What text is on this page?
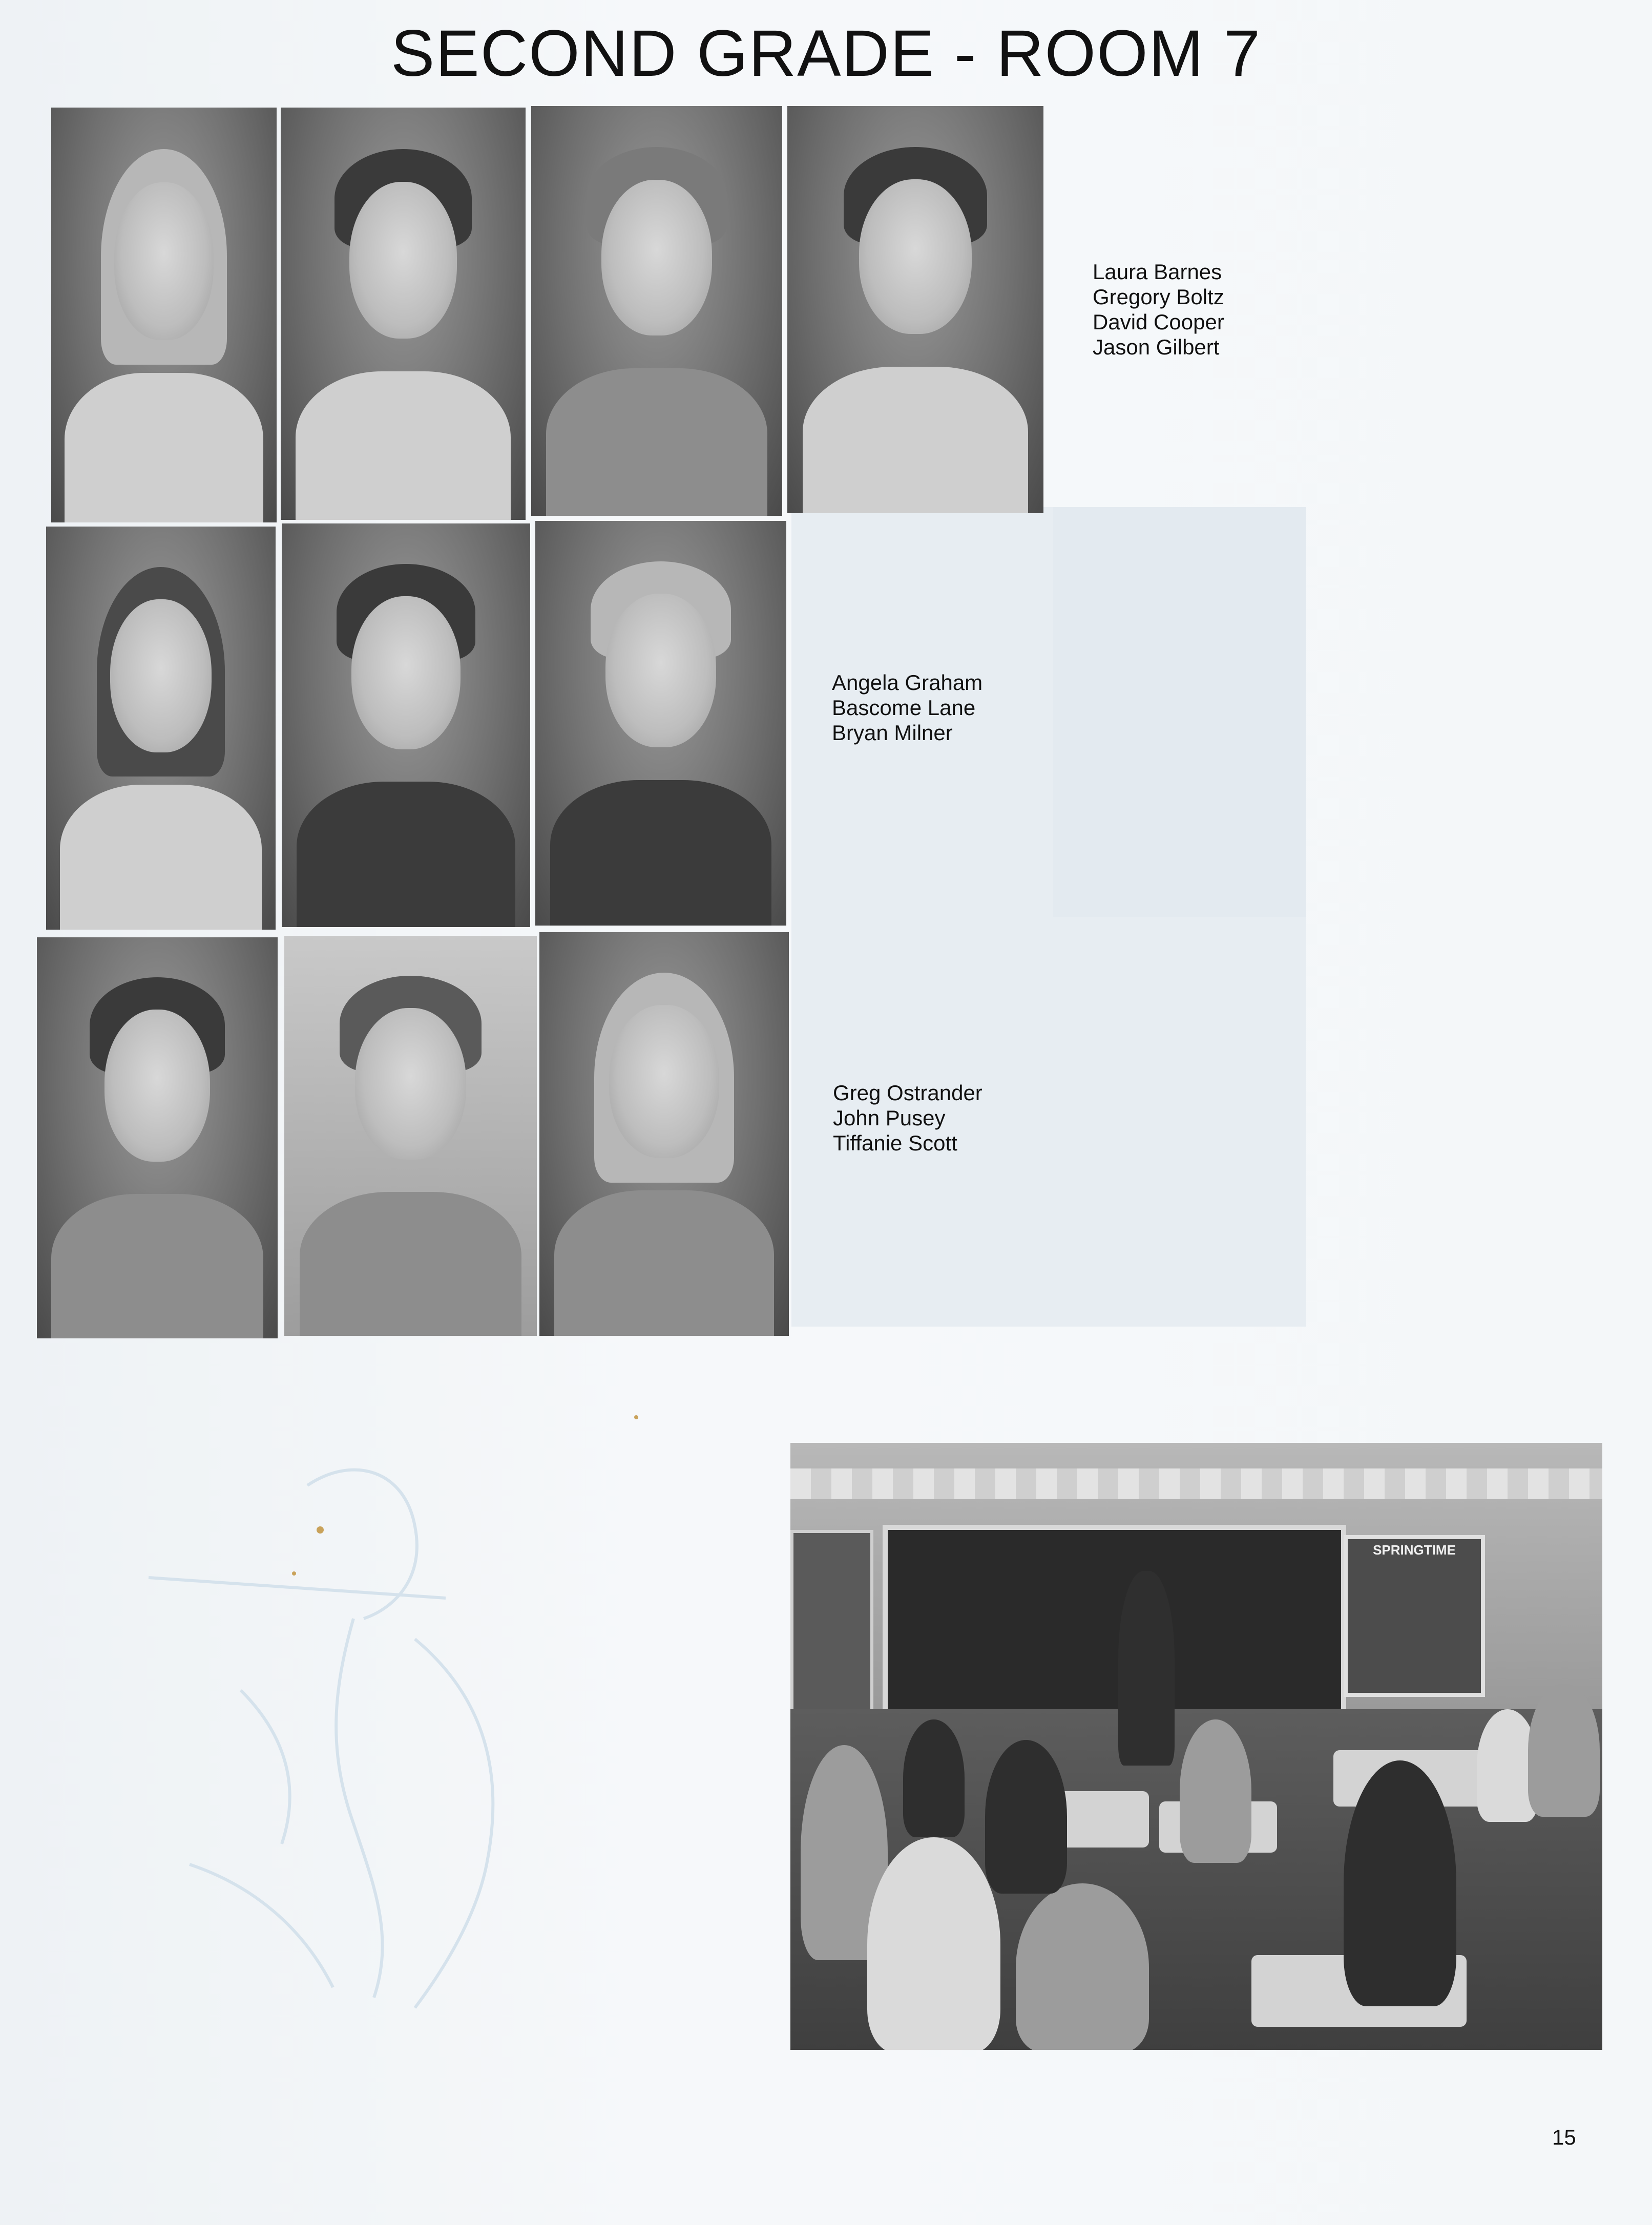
SECOND GRADE - ROOM 7
Laura Barnes
Gregory Boltz
David Cooper
Jason Gilbert
Angela Graham
Bascome Lane
Bryan Milner
Greg Ostrander
John Pusey
Tiffanie Scott
SPRINGTIME
15
